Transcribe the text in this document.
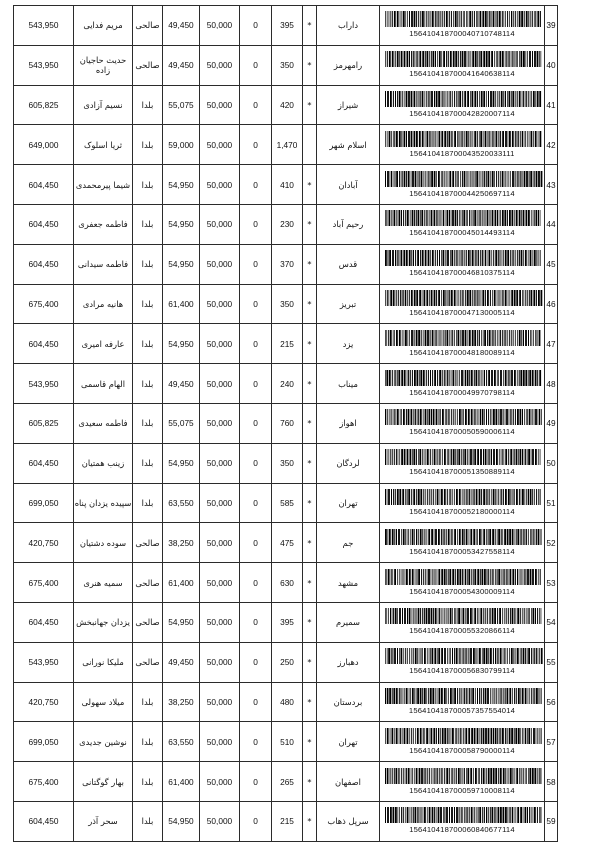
543,950	مریم فدایی	صالحی	49,450	50,000	0	395	*	داراب	156410418700040710748114	39
543,950	حدیث حاجیان زاده	صالحی	49,450	50,000	0	350	*	رامهرمز	156410418700041640638114	40
605,825	نسیم آزادی	بلدا	55,075	50,000	0	420	*	شیراز	156410418700042820007114	41
649,000	ثریا اسلوک	بلدا	59,000	50,000	0	1,470		اسلام شهر	156410418700043520033111	42
604,450	شیما پیرمحمدی	بلدا	54,950	50,000	0	410	*	آبادان	156410418700044250697114	43
604,450	فاطمه جعفری	بلدا	54,950	50,000	0	230	*	رحیم آباد	156410418700045014493114	44
604,450	فاطمه سیدانی	بلدا	54,950	50,000	0	370	*	قدس	156410418700046810375114	45
675,400	هانیه مرادی	بلدا	61,400	50,000	0	350	*	تبریز	156410418700047130005114	46
604,450	عارفه امیری	بلدا	54,950	50,000	0	215	*	یزد	156410418700048180089114	47
543,950	الهام قاسمی	بلدا	49,450	50,000	0	240	*	میناب	156410418700049970798114	48
605,825	فاطمه سعیدی	بلدا	55,075	50,000	0	760	*	اهواز	156410418700050590006114	49
604,450	زینب همتیان	بلدا	54,950	50,000	0	350	*	لردگان	156410418700051350889114	50
699,050	سپیده یزدان پناه	بلدا	63,550	50,000	0	585	*	تهران	156410418700052180000114	51
420,750	سوده دشتیان	صالحی	38,250	50,000	0	475	*	جم	156410418700053427558114	52
675,400	سمیه هنری	صالحی	61,400	50,000	0	630	*	مشهد	156410418700054300009114	53
604,450	یزدان جهانبخش	صالحی	54,950	50,000	0	395	*	سمیرم	156410418700055320866114	54
543,950	ملیکا نورانی	صالحی	49,450	50,000	0	250	*	دهبارز	156410418700056830799114	55
420,750	میلاد سهولی	بلدا	38,250	50,000	0	480	*	بردستان	156410418700057357554014	56
699,050	نوشین جدیدی	بلدا	63,550	50,000	0	510	*	تهران	156410418700058790000114	57
675,400	بهار گوگتانی	بلدا	61,400	50,000	0	265	*	اصفهان	156410418700059710008114	58
604,450	سحر آذر	بلدا	54,950	50,000	0	215	*	سرپل ذهاب	156410418700060840677114	59
